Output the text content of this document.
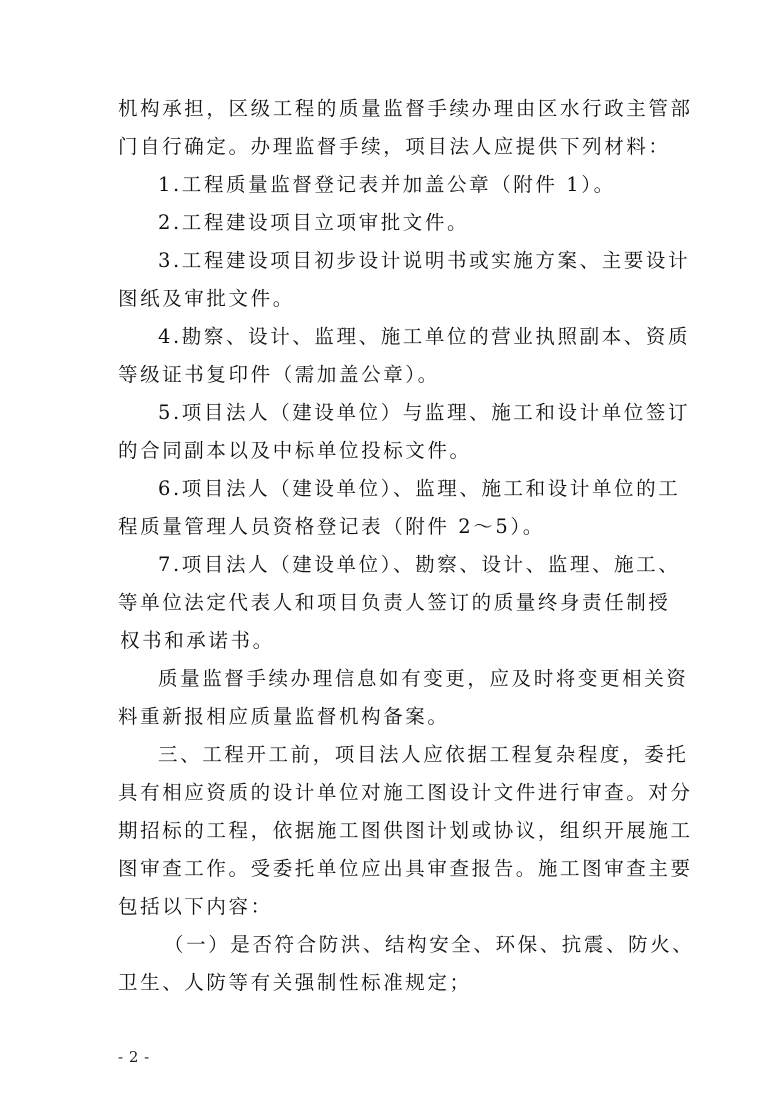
机构承担，区级工程的质量监督手续办理由区水行政主管部
门自行确定。办理监督手续，项目法人应提供下列材料：
1.工程质量监督登记表并加盖公章（附件 1）。
2.工程建设项目立项审批文件。
3.工程建设项目初步设计说明书或实施方案、主要设计
图纸及审批文件。
4.勘察、设计、监理、施工单位的营业执照副本、资质
等级证书复印件（需加盖公章）。
5.项目法人（建设单位）与监理、施工和设计单位签订
的合同副本以及中标单位投标文件。
6.项目法人（建设单位）、监理、施工和设计单位的工
程质量管理人员资格登记表（附件 2～5）。
7.项目法人（建设单位）、勘察、设计、监理、施工、
等单位法定代表人和项目负责人签订的质量终身责任制授
权书和承诺书。
质量监督手续办理信息如有变更，应及时将变更相关资
料重新报相应质量监督机构备案。
三、工程开工前，项目法人应依据工程复杂程度，委托
具有相应资质的设计单位对施工图设计文件进行审查。对分
期招标的工程，依据施工图供图计划或协议，组织开展施工
图审查工作。受委托单位应出具审查报告。施工图审查主要
包括以下内容：
（一）是否符合防洪、结构安全、环保、抗震、防火、
卫生、人防等有关强制性标准规定；
- 2 -
